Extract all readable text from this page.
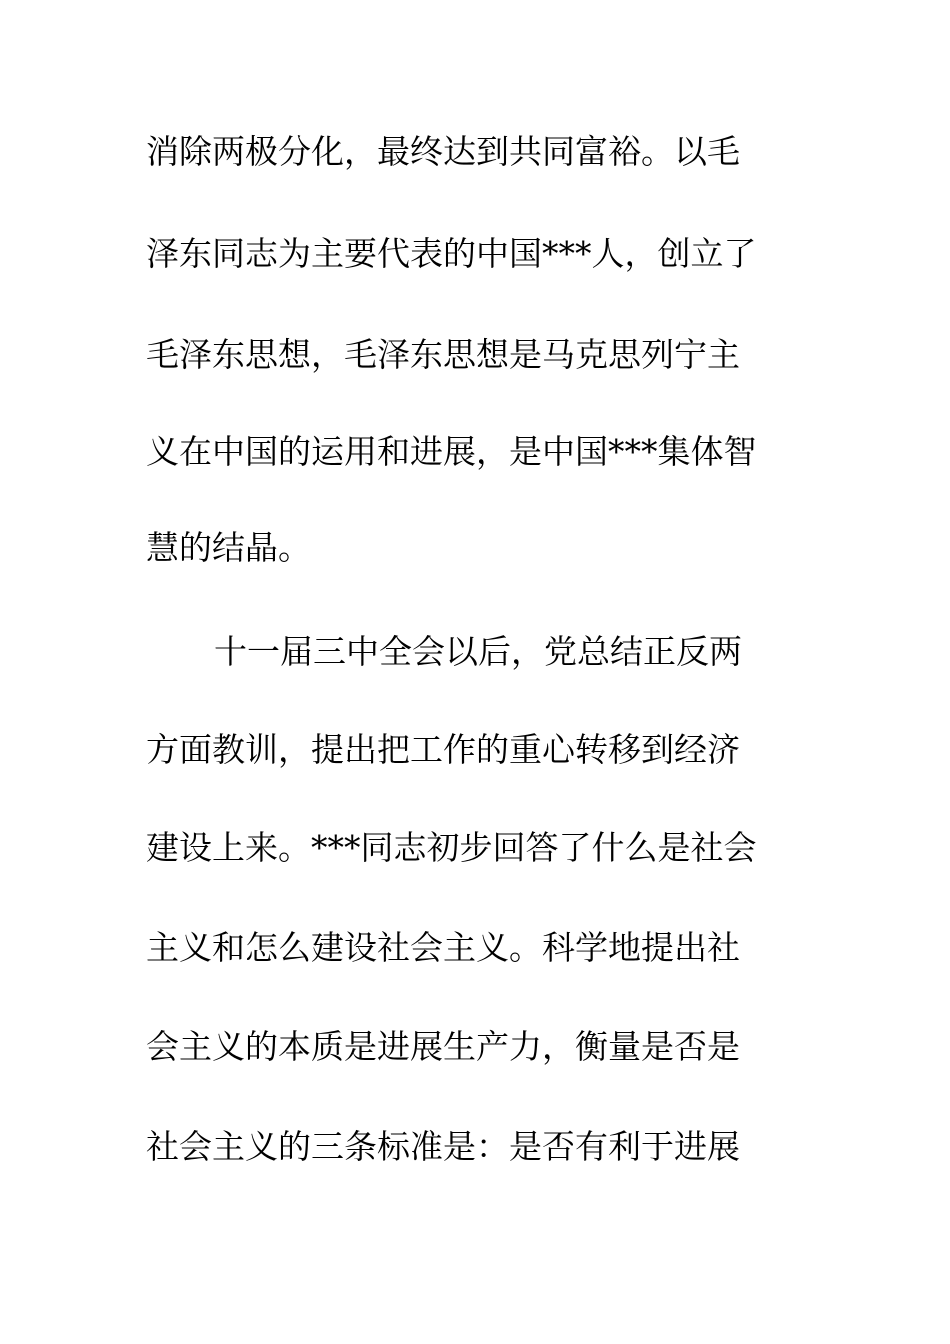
消除两极分化，最终达到共同富裕。以毛
泽东同志为主要代表的中国***人，创立了
毛泽东思想，毛泽东思想是马克思列宁主
义在中国的运用和进展，是中国***集体智
慧的结晶。
十一届三中全会以后，党总结正反两
方面教训，提出把工作的重心转移到经济
建设上来。***同志初步回答了什么是社会
主义和怎么建设社会主义。科学地提出社
会主义的本质是进展生产力，衡量是否是
社会主义的三条标准是：是否有利于进展
